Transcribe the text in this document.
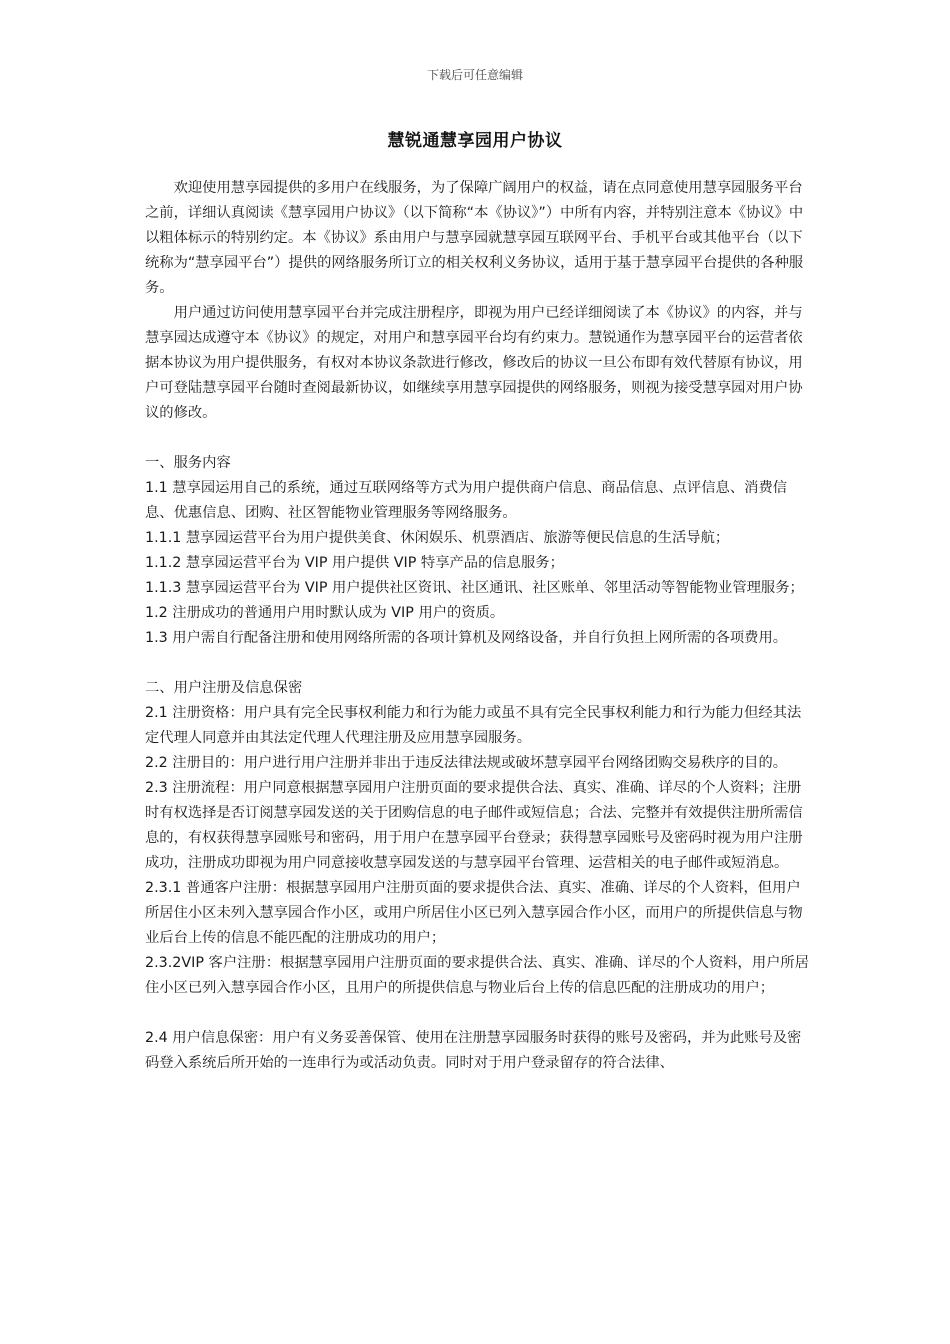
下载后可任意编辑
慧锐通慧享园用户协议

欢迎使用慧享园提供的多用户在线服务，为了保障广阔用户的权益，请在点同意使用慧享园服务平台之前，详细认真阅读《慧享园用户协议》（以下简称“本《协议》”）中所有内容，并特别注意本《协议》中以粗体标示的特别约定。本《协议》系由用户与慧享园就慧享园互联网平台、手机平台或其他平台（以下统称为“慧享园平台”）提供的网络服务所订立的相关权利义务协议，适用于基于慧享园平台提供的各种服务。

用户通过访问使用慧享园平台并完成注册程序，即视为用户已经详细阅读了本《协议》的内容，并与慧享园达成遵守本《协议》的规定，对用户和慧享园平台均有约束力。慧锐通作为慧享园平台的运营者依据本协议为用户提供服务，有权对本协议条款进行修改，修改后的协议一旦公布即有效代替原有协议，用户可登陆慧享园平台随时查阅最新协议，如继续享用慧享园提供的网络服务，则视为接受慧享园对用户协议的修改。

一、服务内容

1.1 慧享园运用自己的系统，通过互联网络等方式为用户提供商户信息、商品信息、点评信息、消费信息、优惠信息、团购、社区智能物业管理服务等网络服务。

1.1.1 慧享园运营平台为用户提供美食、休闲娱乐、机票酒店、旅游等便民信息的生活导航；

1.1.2 慧享园运营平台为 VIP 用户提供 VIP 特享产品的信息服务；

1.1.3 慧享园运营平台为 VIP 用户提供社区资讯、社区通讯、社区账单、邻里活动等智能物业管理服务；

1.2 注册成功的普通用户用时默认成为 VIP 用户的资质。

1.3 用户需自行配备注册和使用网络所需的各项计算机及网络设备，并自行负担上网所需的各项费用。

二、用户注册及信息保密

2.1 注册资格：用户具有完全民事权利能力和行为能力或虽不具有完全民事权利能力和行为能力但经其法定代理人同意并由其法定代理人代理注册及应用慧享园服务。

2.2 注册目的：用户进行用户注册并非出于违反法律法规或破坏慧享园平台网络团购交易秩序的目的。

2.3 注册流程：用户同意根据慧享园用户注册页面的要求提供合法、真实、准确、详尽的个人资料；注册时有权选择是否订阅慧享园发送的关于团购信息的电子邮件或短信息；合法、完整并有效提供注册所需信息的，有权获得慧享园账号和密码，用于用户在慧享园平台登录；获得慧享园账号及密码时视为用户注册成功，注册成功即视为用户同意接收慧享园发送的与慧享园平台管理、运营相关的电子邮件或短消息。

2.3.1 普通客户注册：根据慧享园用户注册页面的要求提供合法、真实、准确、详尽的个人资料，但用户所居住小区未列入慧享园合作小区，或用户所居住小区已列入慧享园合作小区，而用户的所提供信息与物业后台上传的信息不能匹配的注册成功的用户；

2.3.2VIP 客户注册：根据慧享园用户注册页面的要求提供合法、真实、准确、详尽的个人资料，用户所居住小区已列入慧享园合作小区，且用户的所提供信息与物业后台上传的信息匹配的注册成功的用户；

2.4 用户信息保密：用户有义务妥善保管、使用在注册慧享园服务时获得的账号及密码，并为此账号及密码登入系统后所开始的一连串行为或活动负责。同时对于用户登录留存的符合法律、
